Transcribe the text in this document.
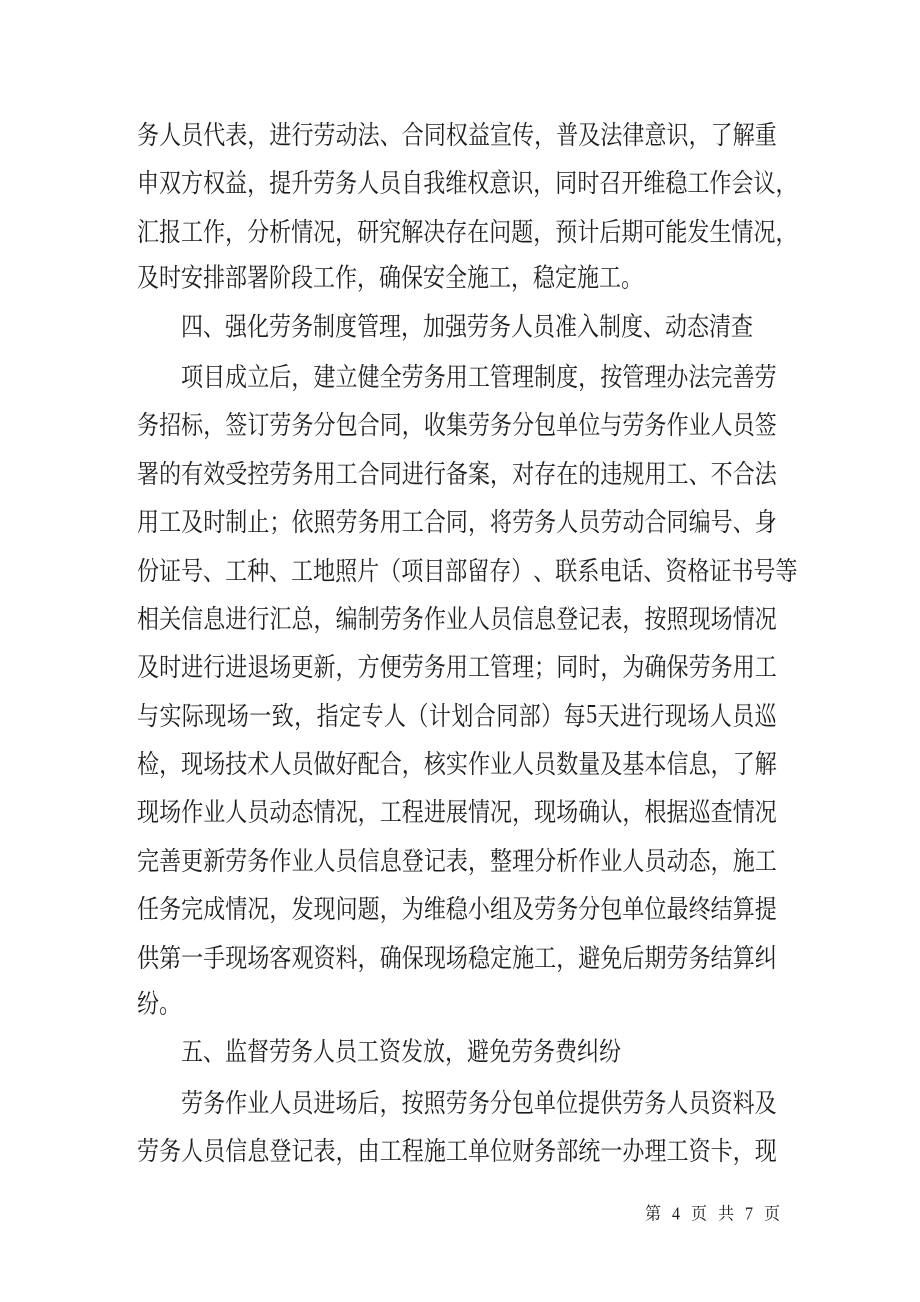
务 人 员 代 表 ， 进 行 劳 动 法 、 合 同 权 益 宣 传 ， 普 及 法 律 意 识 ， 了 解 重
申 双 方 权 益 ， 提 升 劳 务 人 员 自 我 维 权 意 识 ， 同 时 召 开 维 稳 工 作 会 议 ，
汇 报 工 作 ， 分 析 情 况 ， 研 究 解 决 存 在 问 题 ， 预 计 后 期 可 能 发 生 情 况 ，
及时安排部署阶段工作，确保安全施工，稳定施工。
四、强化劳务制度管理，加强劳务人员准入制度、动态清查
项 目 成 立 后 ， 建 立 健 全 劳 务 用 工 管 理 制 度 ， 按 管 理 办 法 完 善 劳
务 招 标 ， 签 订 劳 务 分 包 合 同 ， 收 集 劳 务 分 包 单 位 与 劳 务 作 业 人 员 签
署 的 有 效 受 控 劳 务 用 工 合 同 进 行 备 案 ， 对 存 在 的 违 规 用 工 、 不 合 法
用 工 及 时 制 止 ； 依 照 劳 务 用 工 合 同 ， 将 劳 务 人 员 劳 动 合 同 编 号 、 身
份 证 号 、 工 种 、 工 地 照 片 （ 项 目 部 留 存 ） 、 联 系 电 话 、 资 格 证 书 号 等
相 关 信 息 进 行 汇 总 ， 编 制 劳 务 作 业 人 员 信 息 登 记 表 ， 按 照 现 场 情 况
及 时 进 行 进 退 场 更 新 ， 方 便 劳 务 用 工 管 理 ； 同 时 ， 为 确 保 劳 务 用 工
与 实 际 现 场 一 致 ， 指 定 专 人 （ 计 划 合 同 部 ） 每 5 天 进 行 现 场 人 员 巡
检 ， 现 场 技 术 人 员 做 好 配 合 ， 核 实 作 业 人 员 数 量 及 基 本 信 息 ， 了 解
现 场 作 业 人 员 动 态 情 况 ， 工 程 进 展 情 况 ， 现 场 确 认 ， 根 据 巡 查 情 况
完 善 更 新 劳 务 作 业 人 员 信 息 登 记 表 ， 整 理 分 析 作 业 人 员 动 态 ， 施 工
任 务 完 成 情 况 ， 发 现 问 题 ， 为 维 稳 小 组 及 劳 务 分 包 单 位 最 终 结 算 提
供 第 一 手 现 场 客 观 资 料 ， 确 保 现 场 稳 定 施 工 ， 避 免 后 期 劳 务 结 算 纠
纷。
五、监督劳务人员工资发放，避免劳务费纠纷
劳 务 作 业 人 员 进 场 后 ， 按 照 劳 务 分 包 单 位 提 供 劳 务 人 员 资 料 及
劳 务 人 员 信 息 登 记 表 ， 由 工 程 施 工 单 位 财 务 部 统 一 办 理 工 资 卡 ， 现
第 4 页 共 7 页
